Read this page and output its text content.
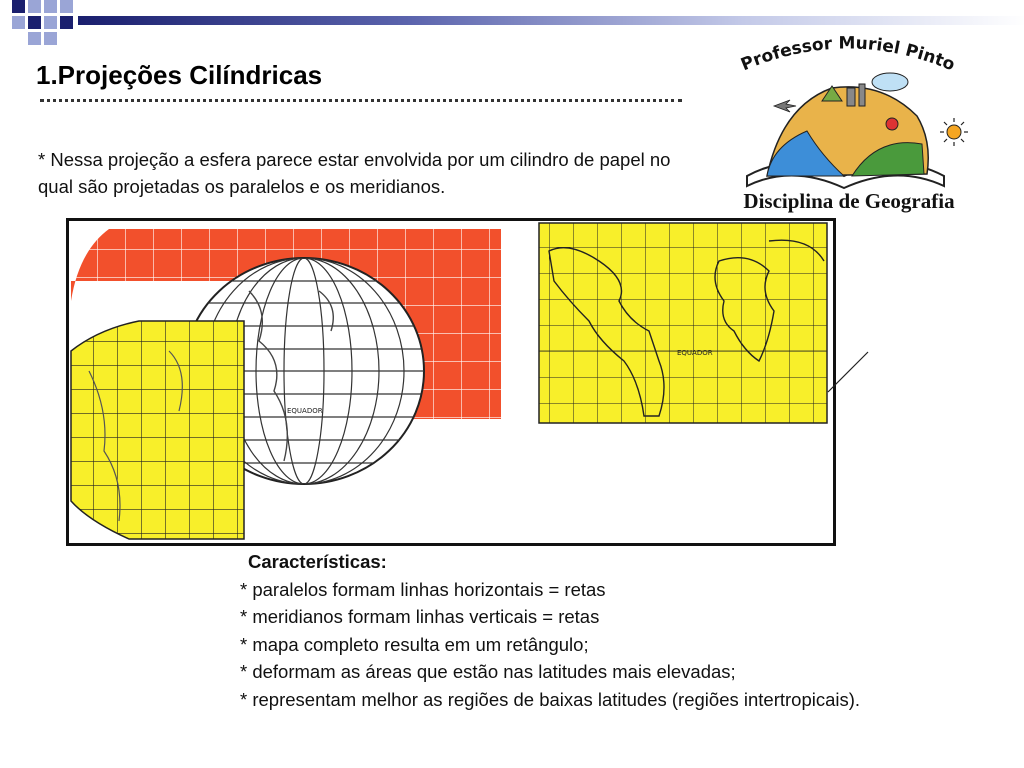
1.Projeções Cilíndricas
* Nessa projeção a esfera parece estar envolvida por um cilindro de papel no qual são projetadas os paralelos e os meridianos.
Professor Muriel Pinto
Disciplina de Geografia
EQUADOR
EQUADOR
Características:
* paralelos formam linhas horizontais = retas
* meridianos formam linhas verticais = retas
* mapa completo resulta em um retângulo;
* deformam as áreas que estão nas latitudes mais elevadas;
* representam melhor as regiões de baixas latitudes (regiões intertropicais).
